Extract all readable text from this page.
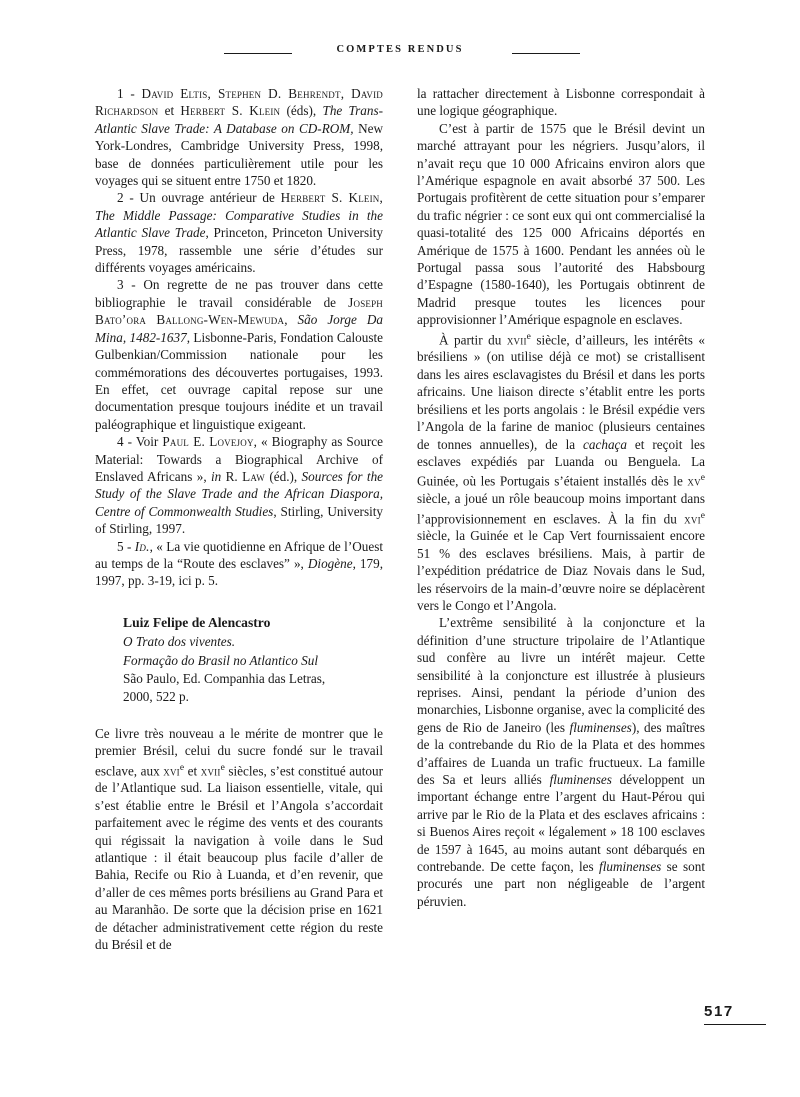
COMPTES RENDUS

1 - David Eltis, Stephen D. Behrendt, David Richardson et Herbert S. Klein (éds), The Trans-Atlantic Slave Trade: A Database on CD-ROM, New York-Londres, Cambridge University Press, 1998, base de données particulièrement utile pour les voyages qui se situent entre 1750 et 1820.

2 - Un ouvrage antérieur de Herbert S. Klein, The Middle Passage: Comparative Studies in the Atlantic Slave Trade, Princeton, Princeton University Press, 1978, rassemble une série d’études sur différents voyages américains.

3 - On regrette de ne pas trouver dans cette bibliographie le travail considérable de Joseph Bato’ora Ballong-Wen-Mewuda, São Jorge Da Mina, 1482-1637, Lisbonne-Paris, Fondation Calouste Gulbenkian/Commission nationale pour les commémorations des découvertes portugaises, 1993. En effet, cet ouvrage capital repose sur une documentation presque toujours inédite et un travail paléographique et linguistique exigeant.

4 - Voir Paul E. Lovejoy, « Biography as Source Material: Towards a Biographical Archive of Enslaved Africans », in R. Law (éd.), Sources for the Study of the Slave Trade and the African Diaspora, Centre of Commonwealth Studies, Stirling, University of Stirling, 1997.

5 - Id., « La vie quotidienne en Afrique de l’Ouest au temps de la “Route des esclaves” », Diogène, 179, 1997, pp. 3-19, ici p. 5.

Luiz Felipe de Alencastro
O Trato dos viventes.
Formação do Brasil no Atlantico Sul
São Paulo, Ed. Companhia das Letras,
2000, 522 p.

Ce livre très nouveau a le mérite de montrer que le premier Brésil, celui du sucre fondé sur le travail esclave, aux xvi$^e$ et xvii$^e$ siècles, s’est constitué autour de l’Atlantique sud. La liaison essentielle, vitale, qui s’est établie entre le Brésil et l’Angola s’accordait parfaitement avec le régime des vents et des courants qui régissait la navigation à voile dans le Sud atlantique : il était beaucoup plus facile d’aller de Bahia, Recife ou Rio à Luanda, et d’en revenir, que d’aller de ces mêmes ports brésiliens au Grand Para et au Maranhão. De sorte que la décision prise en 1621 de détacher administrativement cette région du reste du Brésil et de

la rattacher directement à Lisbonne correspondait à une logique géographique.

C’est à partir de 1575 que le Brésil devint un marché attrayant pour les négriers. Jusqu’alors, il n’avait reçu que 10 000 Africains environ alors que l’Amérique espagnole en avait absorbé 37 500. Les Portugais profitèrent de cette situation pour s’emparer du trafic négrier : ce sont eux qui ont commercialisé la quasi-totalité des 125 000 Africains déportés en Amérique de 1575 à 1600. Pendant les années où le Portugal passa sous l’autorité des Habsbourg d’Espagne (1580-1640), les Portugais obtinrent de Madrid presque toutes les licences pour approvisionner l’Amérique espagnole en esclaves.

À partir du xvii$^e$ siècle, d’ailleurs, les intérêts « brésiliens » (on utilise déjà ce mot) se cristallisent dans les aires esclavagistes du Brésil et dans les ports africains. Une liaison directe s’établit entre les ports brésiliens et les ports angolais : le Brésil expédie vers l’Angola de la farine de manioc (plusieurs centaines de tonnes annuelles), de la cachaça et reçoit les esclaves expédiés par Luanda ou Benguela. La Guinée, où les Portugais s’étaient installés dès le $xv^e$ siècle, a joué un rôle beaucoup moins important dans l’approvisionnement en esclaves. À la fin du xvi$^e$ siècle, la Guinée et le Cap Vert fournissaient encore 51 % des esclaves brésiliens. Mais, à partir de l’expédition prédatrice de Diaz Novais dans le Sud, les réservoirs de la main-d’œuvre noire se déplacèrent vers le Congo et l’Angola.

L’extrême sensibilité à la conjoncture et la définition d’une structure tripolaire de l’Atlantique sud confère au livre un intérêt majeur. Cette sensibilité à la conjoncture est illustrée à plusieurs reprises. Ainsi, pendant la période d’union des monarchies, Lisbonne organise, avec la complicité des gens de Rio de Janeiro (les fluminenses), des maîtres de la contrebande du Rio de la Plata et des hommes d’affaires de Luanda un trafic fructueux. La famille des Sa et leurs alliés fluminenses développent un important échange entre l’argent du Haut-Pérou qui arrive par le Rio de la Plata et des esclaves africains : si Buenos Aires reçoit « légalement » 18 100 esclaves de 1597 à 1645, au moins autant sont débarqués en contrebande. De cette façon, les fluminenses se sont procurés une part non négligeable de l’argent péruvien.

517
